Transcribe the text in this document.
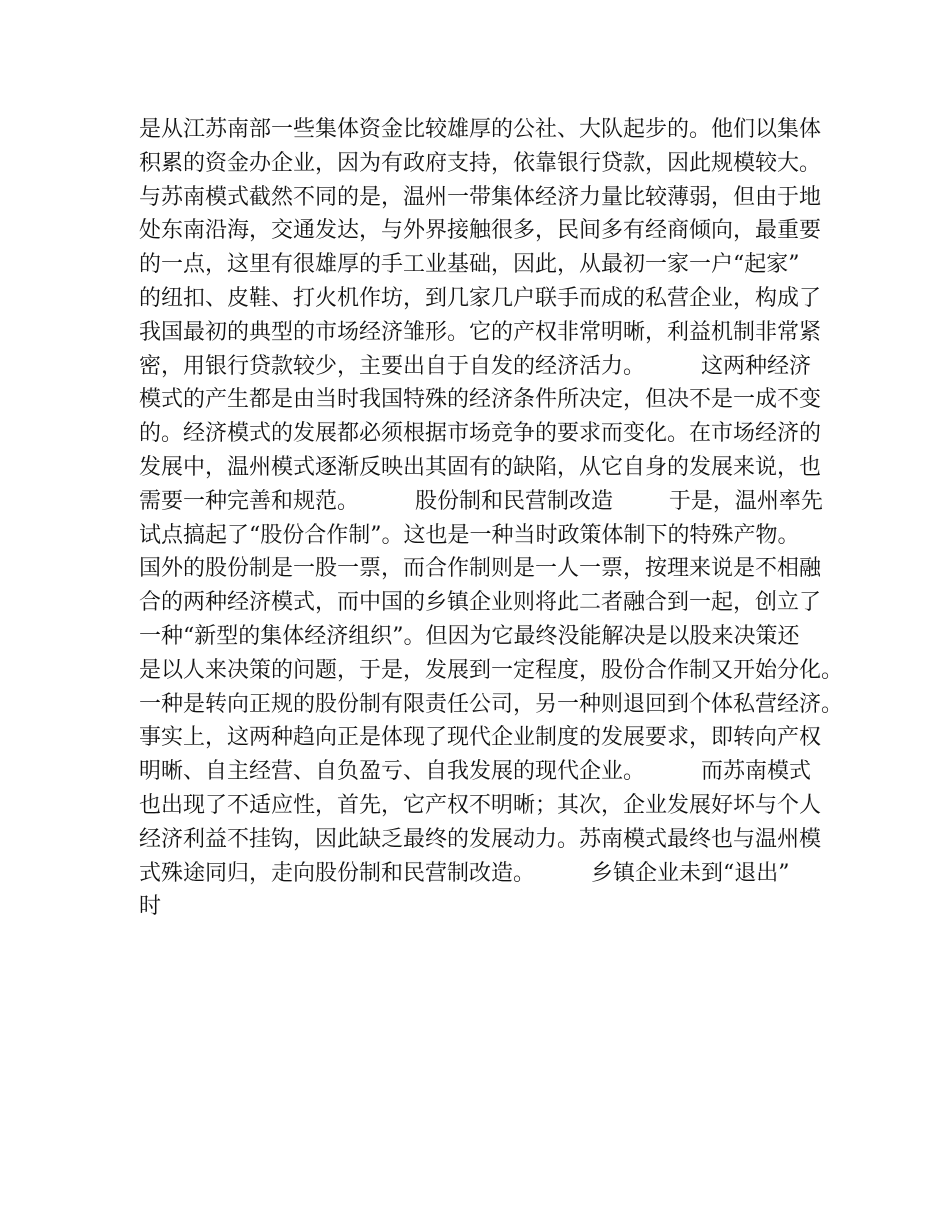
是从江苏南部一些集体资金比较雄厚的公社、大队起步的。他们以集体
积累的资金办企业，因为有政府支持，依靠银行贷款，因此规模较大。
与苏南模式截然不同的是，温州一带集体经济力量比较薄弱，但由于地
处东南沿海，交通发达，与外界接触很多，民间多有经商倾向，最重要
的一点，这里有很雄厚的手工业基础，因此，从最初一家一户“起家”
的纽扣、皮鞋、打火机作坊，到几家几户联手而成的私营企业，构成了
我国最初的典型的市场经济雏形。它的产权非常明晰，利益机制非常紧
密，用银行贷款较少，主要出自于自发的经济活力。        这两种经济
模式的产生都是由当时我国特殊的经济条件所决定，但决不是一成不变
的。经济模式的发展都必须根据市场竞争的要求而变化。在市场经济的
发展中，温州模式逐渐反映出其固有的缺陷，从它自身的发展来说，也
需要一种完善和规范。        股份制和民营制改造        于是，温州率先
试点搞起了“股份合作制”。这也是一种当时政策体制下的特殊产物。
国外的股份制是一股一票，而合作制则是一人一票，按理来说是不相融
合的两种经济模式，而中国的乡镇企业则将此二者融合到一起，创立了
一种“新型的集体经济组织”。但因为它最终没能解决是以股来决策还
是以人来决策的问题，于是，发展到一定程度，股份合作制又开始分化。
一种是转向正规的股份制有限责任公司，另一种则退回到个体私营经济。
事实上，这两种趋向正是体现了现代企业制度的发展要求，即转向产权
明晰、自主经营、自负盈亏、自我发展的现代企业。        而苏南模式
也出现了不适应性，首先，它产权不明晰；其次，企业发展好坏与个人
经济利益不挂钩，因此缺乏最终的发展动力。苏南模式最终也与温州模
式殊途同归，走向股份制和民营制改造。        乡镇企业未到“退出”
时
